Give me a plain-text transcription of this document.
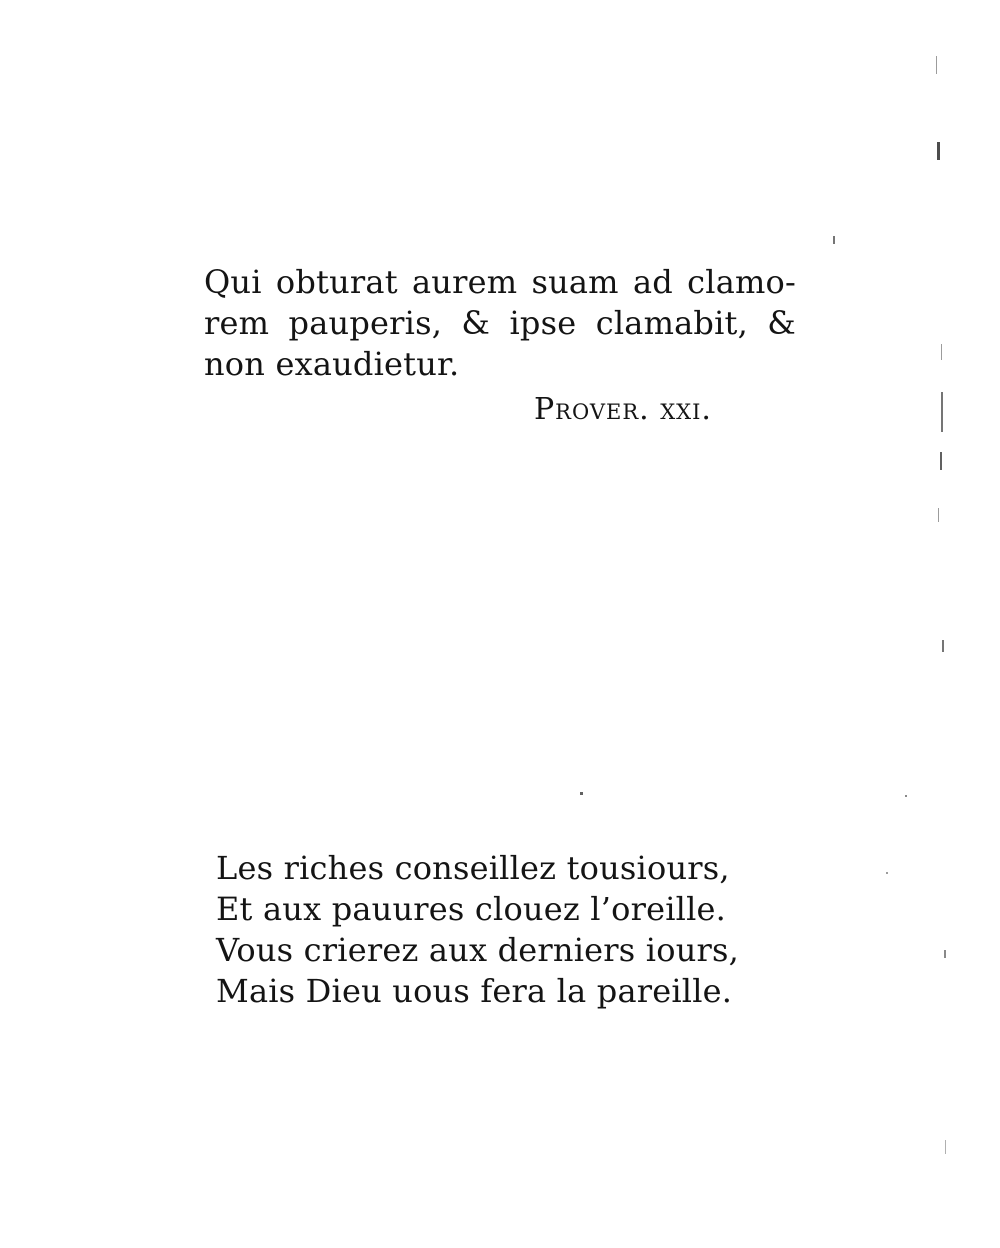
Qui obturat aurem suam ad clamo-
rem pauperis, & ipse clamabit, &
non exaudietur.
Prover. xxi.
Les riches conseillez tousiours,
Et aux pauures clouez l’oreille.
Vous crierez aux derniers iours,
Mais Dieu uous fera la pareille.
